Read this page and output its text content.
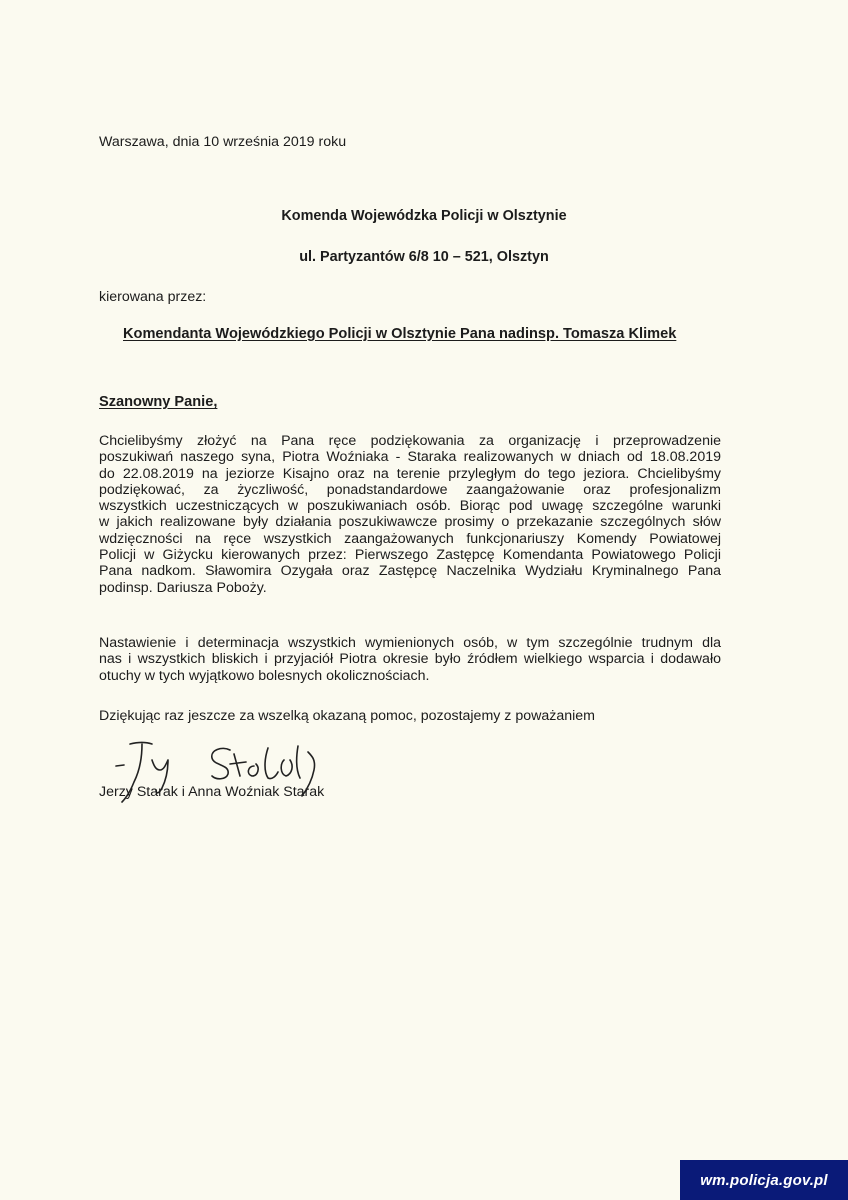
Warszawa, dnia 10 września 2019 roku
Komenda Wojewódzka Policji w Olsztynie
ul. Partyzantów 6/8 10 – 521, Olsztyn
kierowana przez:
Komendanta Wojewódzkiego Policji w Olsztynie Pana nadinsp. Tomasza Klimek
Szanowny Panie,
Chcielibyśmy złożyć na Pana ręce podziękowania za organizację i przeprowadzenie
poszukiwań naszego syna, Piotra Woźniaka - Staraka realizowanych w dniach od 18.08.2019
do 22.08.2019 na jeziorze Kisajno oraz na terenie przyległym do tego jeziora. Chcielibyśmy
podziękować, za życzliwość, ponadstandardowe zaangażowanie oraz profesjonalizm
wszystkich uczestniczących w poszukiwaniach osób. Biorąc pod uwagę szczególne warunki
w jakich realizowane były działania poszukiwawcze prosimy o przekazanie szczególnych słów
wdzięczności na ręce wszystkich zaangażowanych funkcjonariuszy Komendy Powiatowej
Policji w Giżycku kierowanych przez: Pierwszego Zastępcę Komendanta Powiatowego Policji
Pana nadkom. Sławomira Ozygała oraz Zastępcę Naczelnika Wydziału Kryminalnego Pana
podinsp. Dariusza Poboży.
Nastawienie i determinacja wszystkich wymienionych osób, w tym szczególnie trudnym dla
nas i wszystkich bliskich i przyjaciół Piotra okresie było źródłem wielkiego wsparcia i dodawało
otuchy w tych wyjątkowo bolesnych okolicznościach.
Dziękując raz jeszcze za wszelką okazaną pomoc, pozostajemy z poważaniem
Jerzy Starak i Anna Woźniak Starak
wm.policja.gov.pl
